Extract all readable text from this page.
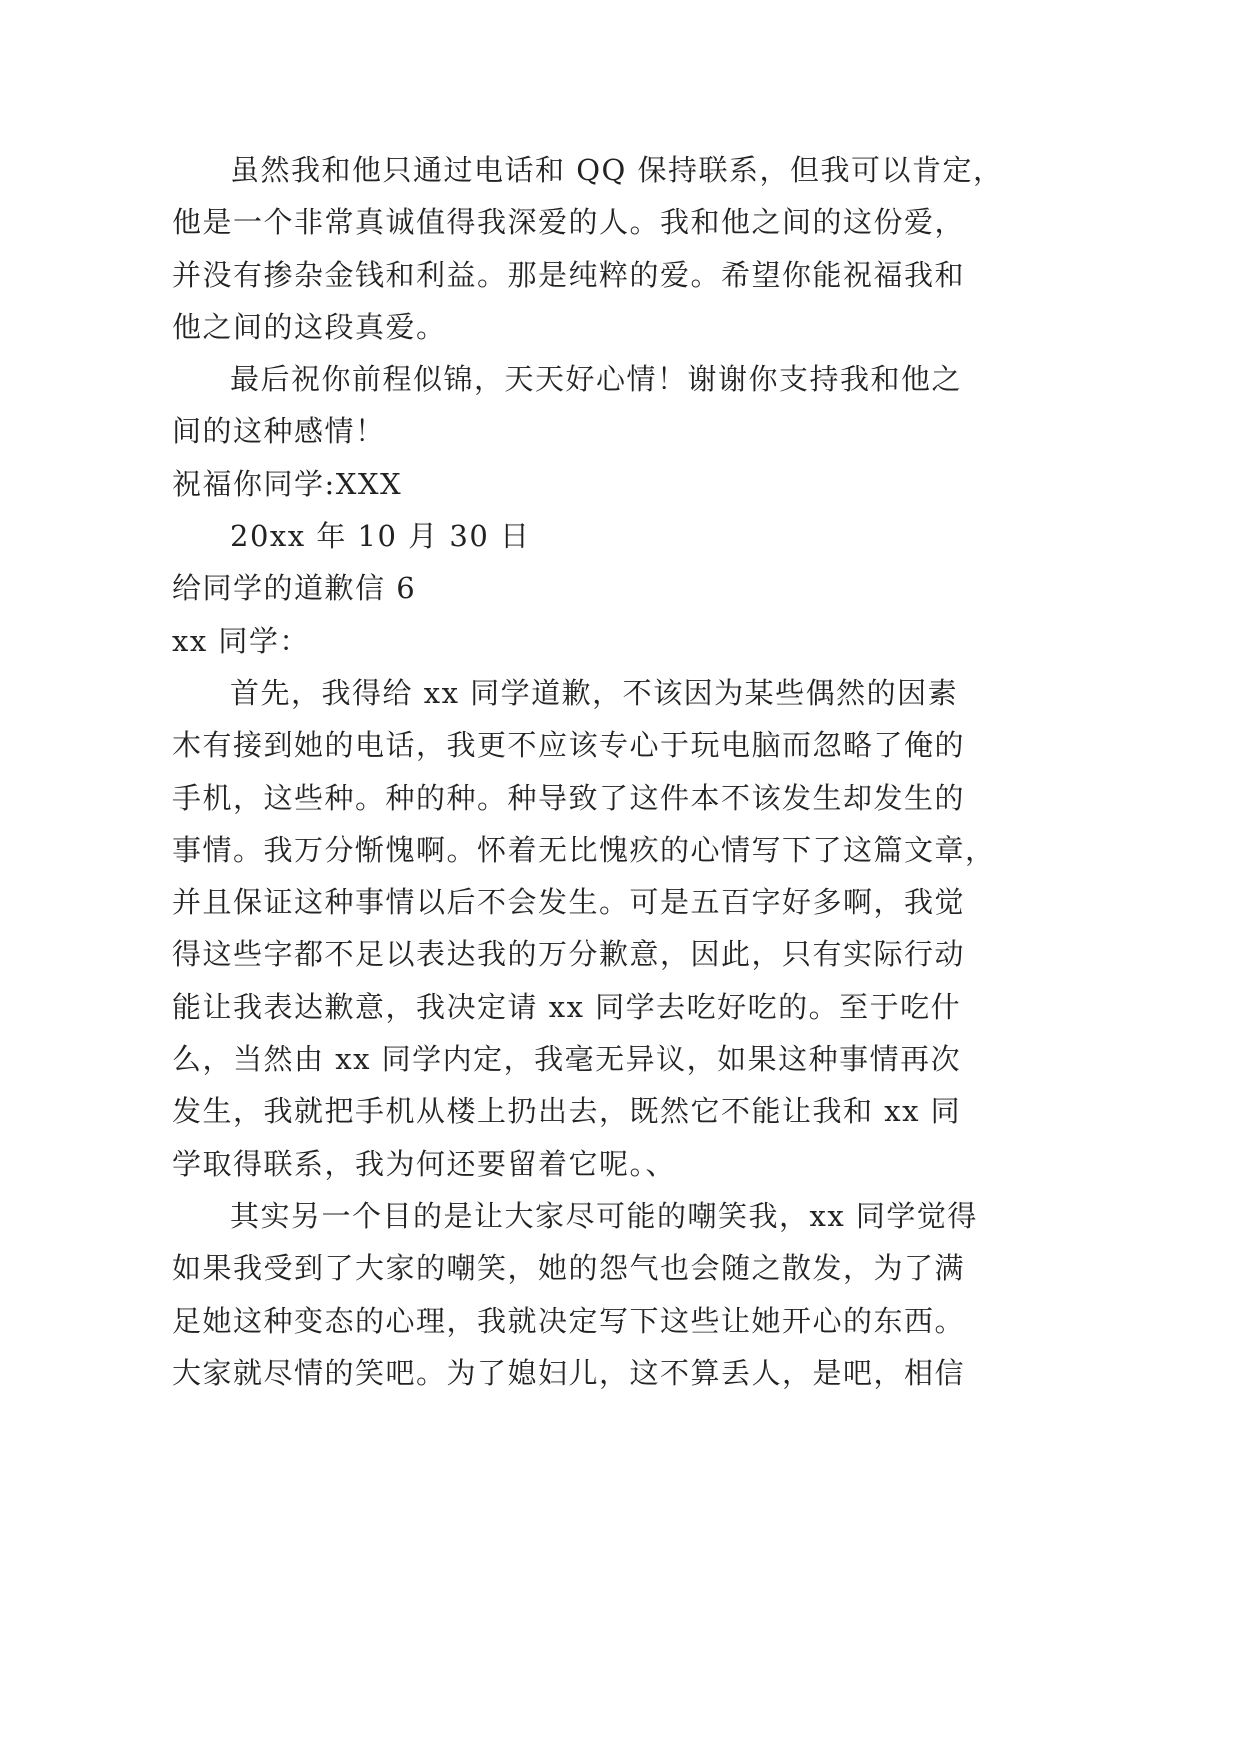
虽然我和他只通过电话和 QQ 保持联系，但我可以肯定，
他是一个非常真诚值得我深爱的人。我和他之间的这份爱，
并没有掺杂金钱和利益。那是纯粹的爱。希望你能祝福我和
他之间的这段真爱。
最后祝你前程似锦，天天好心情！谢谢你支持我和他之
间的这种感情！
祝福你同学:XXX
20xx 年 10 月 30 日
给同学的道歉信 6
xx 同学：
首先，我得给 xx 同学道歉，不该因为某些偶然的因素
木有接到她的电话，我更不应该专心于玩电脑而忽略了俺的
手机，这些种。种的种。种导致了这件本不该发生却发生的
事情。我万分惭愧啊。怀着无比愧疚的心情写下了这篇文章，
并且保证这种事情以后不会发生。可是五百字好多啊，我觉
得这些字都不足以表达我的万分歉意，因此，只有实际行动
能让我表达歉意，我决定请 xx 同学去吃好吃的。至于吃什
么，当然由 xx 同学内定，我毫无异议，如果这种事情再次
发生，我就把手机从楼上扔出去，既然它不能让我和 xx 同
学取得联系，我为何还要留着它呢。、
其实另一个目的是让大家尽可能的嘲笑我，xx 同学觉得
如果我受到了大家的嘲笑，她的怨气也会随之散发，为了满
足她这种变态的心理，我就决定写下这些让她开心的东西。
大家就尽情的笑吧。为了媳妇儿，这不算丢人，是吧，相信
